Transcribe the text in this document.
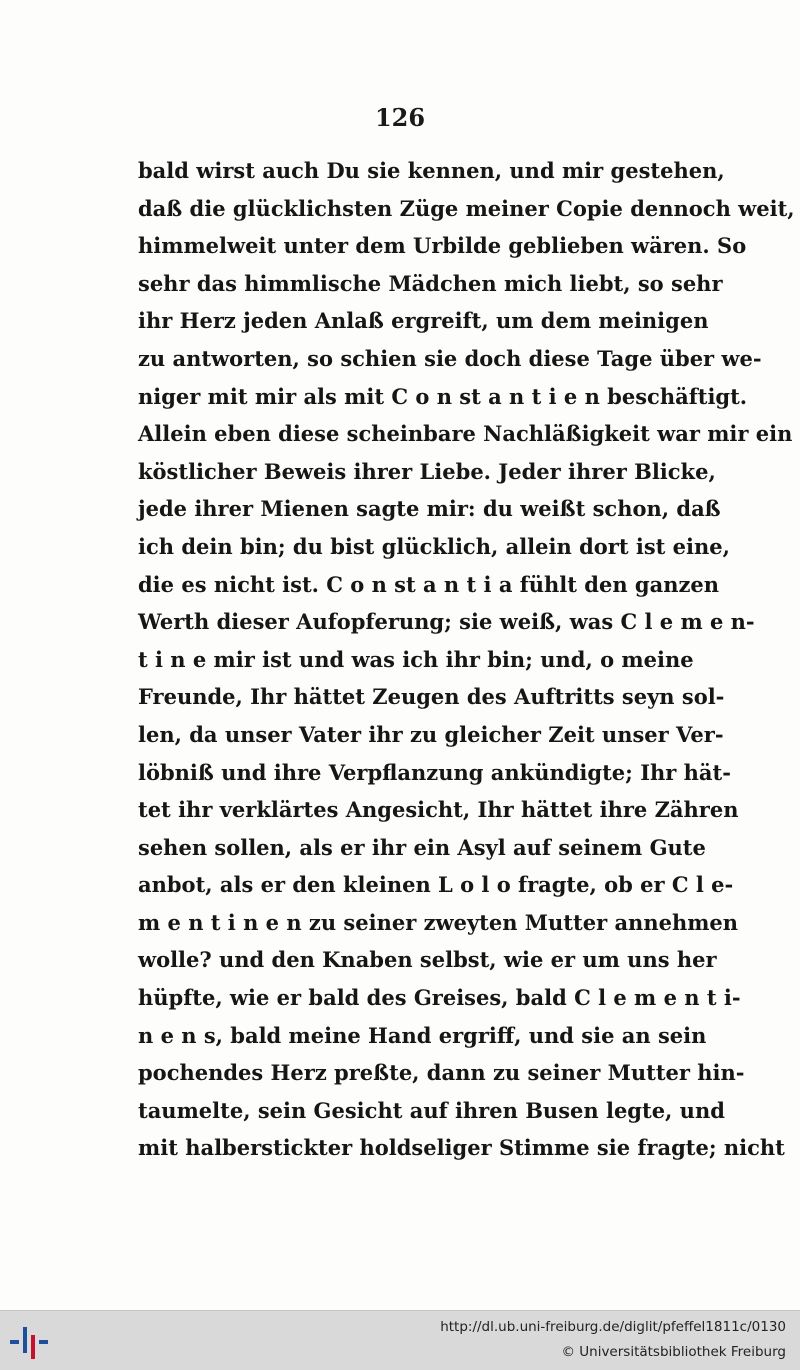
126
bald wirst auch Du sie kennen, und mir gestehen,
daß die glücklichsten Züge meiner Copie dennoch weit,
himmelweit unter dem Urbilde geblieben wären. So
sehr das himmlische Mädchen mich liebt, so sehr
ihr Herz jeden Anlaß ergreift, um dem meinigen
zu antworten, so schien sie doch diese Tage über we-
niger mit mir als mit C o n st a n t i e n beschäftigt.
Allein eben diese scheinbare Nachläßigkeit war mir ein
köstlicher Beweis ihrer Liebe. Jeder ihrer Blicke,
jede ihrer Mienen sagte mir: du weißt schon, daß
ich dein bin; du bist glücklich, allein dort ist eine,
die es nicht ist. C o n st a n t i a fühlt den ganzen
Werth dieser Aufopferung; sie weiß, was C l e m e n-
t i n e mir ist und was ich ihr bin; und, o meine
Freunde, Ihr hättet Zeugen des Auftritts seyn sol-
len, da unser Vater ihr zu gleicher Zeit unser Ver-
löbniß und ihre Verpflanzung ankündigte; Ihr hät-
tet ihr verklärtes Angesicht, Ihr hättet ihre Zähren
sehen sollen, als er ihr ein Asyl auf seinem Gute
anbot, als er den kleinen L o l o fragte, ob er C l e-
m e n t i n e n zu seiner zweyten Mutter annehmen
wolle? und den Knaben selbst, wie er um uns her
hüpfte, wie er bald des Greises, bald C l e m e n t i-
n e n s, bald meine Hand ergriff, und sie an sein
pochendes Herz preßte, dann zu seiner Mutter hin-
taumelte, sein Gesicht auf ihren Busen legte, und
mit halberstickter holdseliger Stimme sie fragte; nicht
http://dl.ub.uni-freiburg.de/diglit/pfeffel1811c/0130
© Universitätsbibliothek Freiburg
